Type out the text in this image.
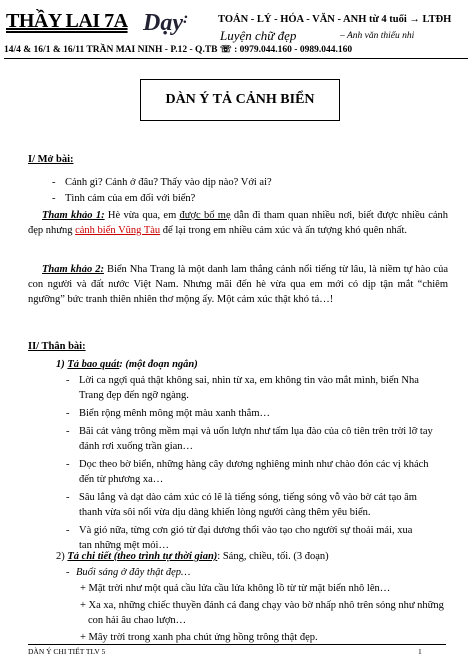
THẦY LAI 7A Dạy:	TOÁN - LÝ - HÓA - VĂN - ANH từ 4 tuổi → LTĐH
Luyện chữ đẹp	– Anh văn thiếu nhi
14/4 & 16/1 & 16/11 TRẦN MAI NINH - P.12 - Q.TB ☏ : 0979.044.160 - 0989.044.160
DÀN Ý TẢ CẢNH BIỂN
I/ Mở bài:
- Cảnh gì? Cảnh ở đâu? Thấy vào dịp nào? Với ai?
- Tình cảm của em đối với biển?
Tham khảo 1: Hè vừa qua, em được bố mẹ dẫn đi tham quan nhiều nơi, biết được nhiều cảnh đẹp nhưng cảnh biển Vũng Tàu để lại trong em nhiều cảm xúc và ấn tượng khó quên nhất.
Tham khảo 2: Biển Nha Trang là một danh lam thắng cảnh nổi tiếng từ lâu, là niềm tự hào của con người và đất nước Việt Nam. Nhưng mãi đến hè vừa qua em mới có dịp tận mắt “chiêm ngưỡng” bức tranh thiên nhiên thơ mộng ấy. Một cảm xúc thật khó tả…!
II/ Thân bài:
1) Tả bao quát: (một đoạn ngắn)
- Lời ca ngợi quả thật không sai, nhìn từ xa, em không tin vào mắt mình, biển Nha
Trang đẹp đến ngỡ ngàng.
- Biển rộng mênh mông một màu xanh thẳm…
- Bãi cát vàng trông mềm mại và uốn lượn như tấm lụa đào của cô tiên trên trời lỡ tay
đánh rơi xuống trần gian…
- Dọc theo bờ biển, những hàng cây dương nghiêng mình như chào đón các vị khách
đến từ phương xa…
- Sâu lắng và dạt dào cảm xúc có lẽ là tiếng sóng, tiếng sóng vỗ vào bờ cát tạo âm
thanh vừa sôi nổi vừa dịu dàng khiến lòng người càng thêm yêu biển.
- Và gió nữa, từng cơn gió từ đại dương thổi vào tạo cho người sự thoải mái, xua
tan những mệt mỏi…
2) Tả chi tiết (theo trình tự thời gian): Sáng, chiều, tối. (3 đoạn)
- Buổi sáng ở đây thật đẹp…
+ Mặt trời như một quả cầu lửa cầu lửa không lồ từ từ mặt biển nhô lên…
+ Xa xa, những chiếc thuyền đánh cá đang chạy vào bờ nhấp nhô trên sóng như những
con hải âu chao lượn…
+ Mây trời trong xanh pha chút ửng hồng trông thật đẹp.
DÀN Ý CHI TIẾT TLV 5	1
